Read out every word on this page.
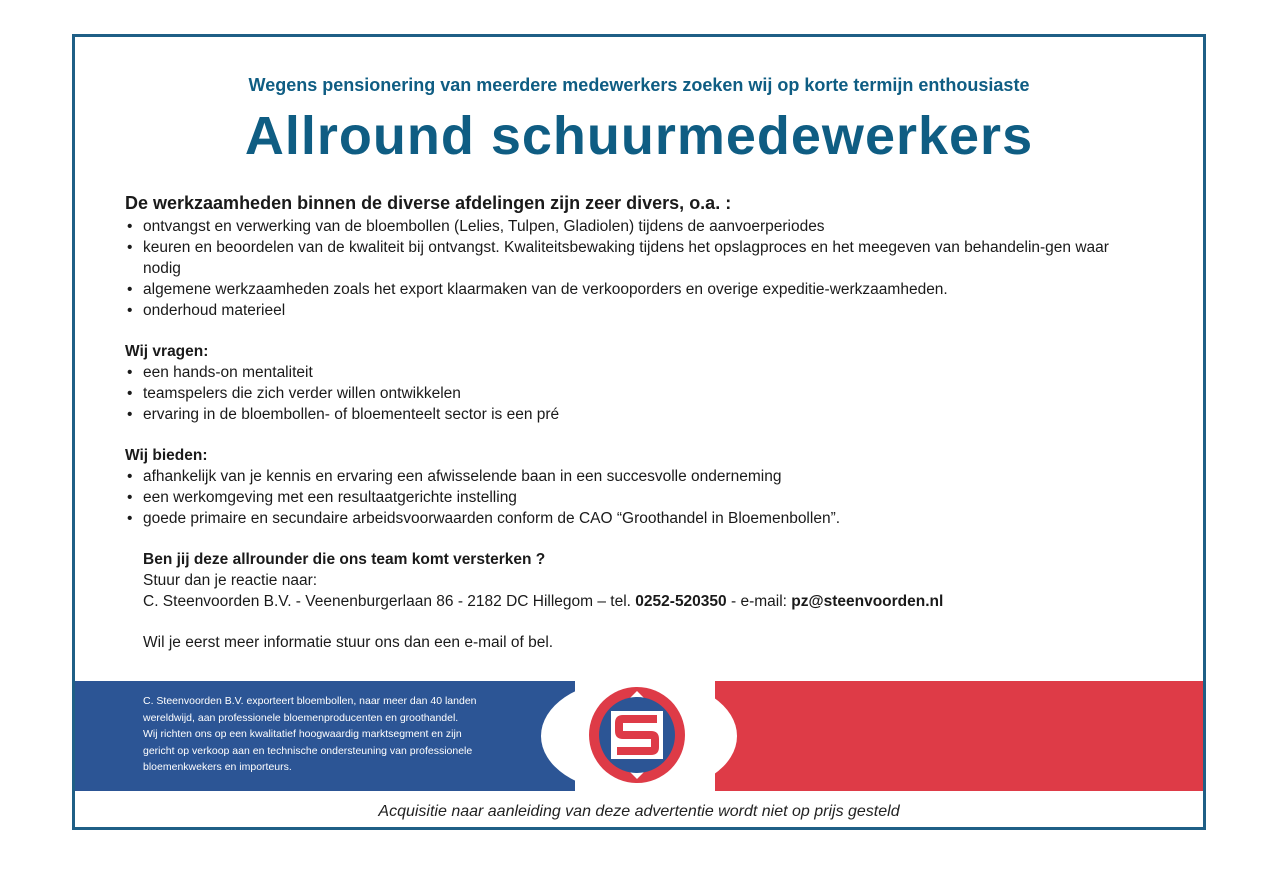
Wegens pensionering van meerdere medewerkers zoeken wij op korte termijn enthousiaste
Allround schuurmedewerkers
De werkzaamheden binnen de diverse afdelingen zijn zeer divers, o.a. :
• ontvangst en verwerking van de bloembollen (Lelies, Tulpen, Gladiolen) tijdens de aanvoerperiodes
• keuren en beoordelen van de kwaliteit bij ontvangst. Kwaliteitsbewaking tijdens het opslagproces en het meegeven van behandelin-gen waar nodig
• algemene werkzaamheden zoals het export klaarmaken van de verkooporders en overige expeditie-werkzaamheden.
• onderhoud materieel
Wij vragen:
• een hands-on mentaliteit
• teamspelers die zich verder willen ontwikkelen
• ervaring in de bloembollen- of bloementeelt sector is een pré
Wij bieden:
• afhankelijk van je kennis en ervaring een afwisselende baan in een succesvolle onderneming
• een werkomgeving met een resultaatgerichte instelling
• goede primaire en secundaire arbeidsvoorwaarden conform de CAO “Groothandel in Bloemenbollen”.
Ben jij deze allrounder die ons team komt versterken ?
Stuur dan je reactie naar:
C. Steenvoorden B.V. - Veenenburgerlaan 86 - 2182 DC Hillegom – tel. 0252-520350 - e-mail: pz@steenvoorden.nl
Wil je eerst meer informatie stuur ons dan een e-mail of bel.
C. Steenvoorden B.V. exporteert bloembollen, naar meer dan 40 landen
wereldwijd, aan professionele bloemenproducenten en groothandel.
Wij richten ons op een kwalitatief hoogwaardig marktsegment en zijn
gericht op verkoop aan en technische ondersteuning van professionele
bloemenkwekers en importeurs.
Acquisitie naar aanleiding van deze advertentie wordt niet op prijs gesteld
